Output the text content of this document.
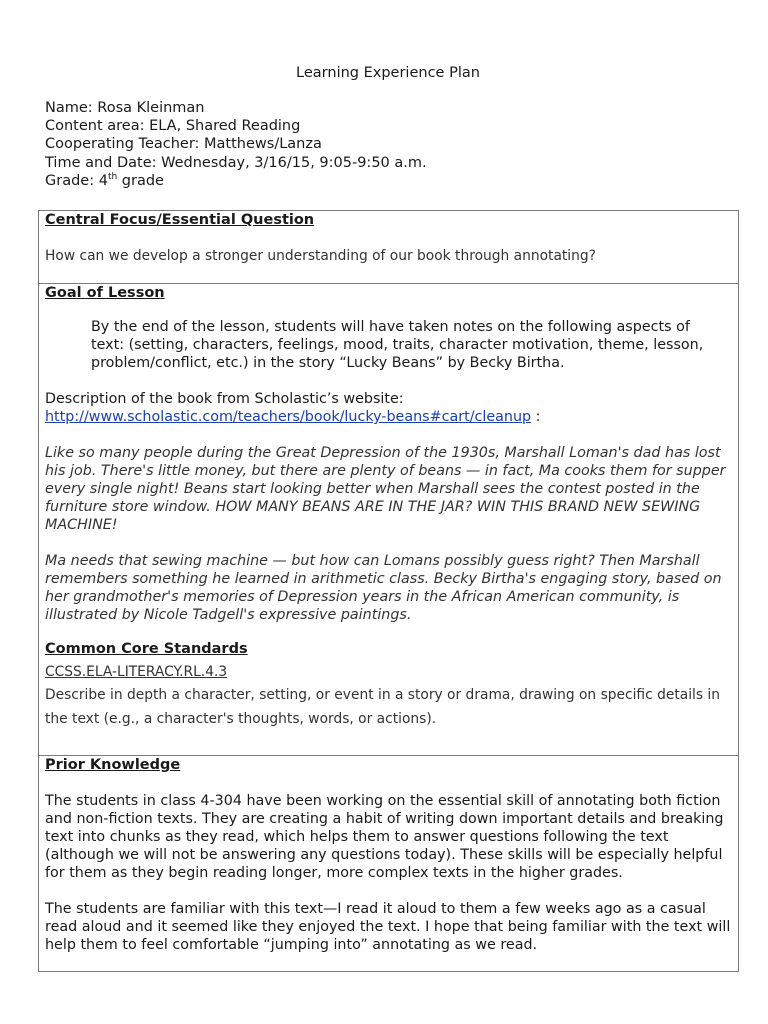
Learning Experience Plan
Name: Rosa Kleinman
Content area: ELA, Shared Reading
Cooperating Teacher: Matthews/Lanza
Time and Date: Wednesday, 3/16/15, 9:05-9:50 a.m.
Grade: 4th grade
Central Focus/Essential Question

How can we develop a stronger understanding of our book through annotating?

Goal of Lesson

By the end of the lesson, students will have taken notes on the following aspects of text: (setting, characters, feelings, mood, traits, character motivation, theme, lesson, problem/conflict, etc.) in the story “Lucky Beans” by Becky Birtha.

Description of the book from Scholastic’s website:

http://www.scholastic.com/teachers/book/lucky-beans#cart/cleanup :

Like so many people during the Great Depression of the 1930s, Marshall Loman's dad has lost his job. There's little money, but there are plenty of beans — in fact, Ma cooks them for supper every single night! Beans start looking better when Marshall sees the contest posted in the furniture store window. HOW MANY BEANS ARE IN THE JAR? WIN THIS BRAND NEW SEWING MACHINE!

Ma needs that sewing machine — but how can Lomans possibly guess right? Then Marshall remembers something he learned in arithmetic class. Becky Birtha's engaging story, based on her grandmother's memories of Depression years in the African American community, is illustrated by Nicole Tadgell's expressive paintings.

Common Core Standards

CCSS.ELA-LITERACY.RL.4.3

Describe in depth a character, setting, or event in a story or drama, drawing on specific details in the text (e.g., a character's thoughts, words, or actions).

Prior Knowledge

The students in class 4-304 have been working on the essential skill of annotating both fiction and non-fiction texts. They are creating a habit of writing down important details and breaking text into chunks as they read, which helps them to answer questions following the text (although we will not be answering any questions today). These skills will be especially helpful for them as they begin reading longer, more complex texts in the higher grades.

The students are familiar with this text—I read it aloud to them a few weeks ago as a casual read aloud and it seemed like they enjoyed the text. I hope that being familiar with the text will help them to feel comfortable “jumping into” annotating as we read.
